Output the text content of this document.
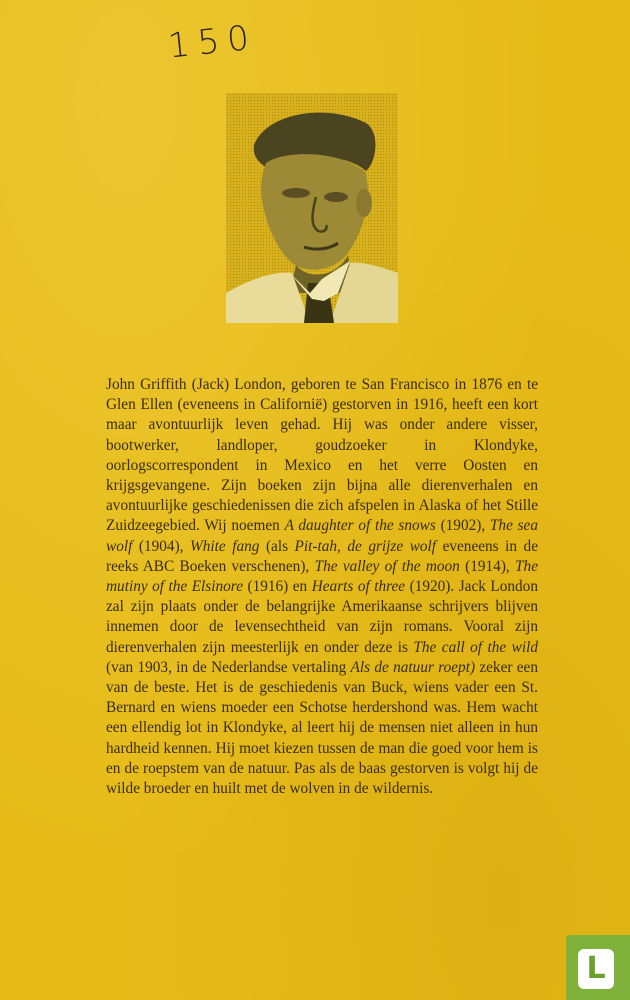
150

John Griffith (Jack) London, geboren te San Francisco in 1876 en te Glen Ellen (eveneens in Californië) gestorven in 1916, heeft een kort maar avontuurlijk leven gehad. Hij was onder andere visser, bootwerker, landloper, goudzoeker in Klondyke, oorlogscorrespondent in Mexico en het verre Oosten en krijgsgevangene. Zijn boeken zijn bijna alle dierenverhalen en avontuurlijke geschiedenissen die zich afspelen in Alaska of het Stille Zuidzeegebied. Wij noemen A daughter of the snows (1902), The sea wolf (1904), White fang (als Pit-tah, de grijze wolf eveneens in de reeks ABC Boeken verschenen), The valley of the moon (1914), The mutiny of the Elsinore (1916) en Hearts of three (1920). Jack London zal zijn plaats onder de belangrijke Amerikaanse schrijvers blijven innemen door de levensechtheid van zijn romans. Vooral zijn dierenverhalen zijn meesterlijk en onder deze is The call of the wild (van 1903, in de Nederlandse vertaling Als de natuur roept) zeker een van de beste. Het is de geschiedenis van Buck, wiens vader een St. Bernard en wiens moeder een Schotse herdershond was. Hem wacht een ellendig lot in Klondyke, al leert hij de mensen niet alleen in hun hardheid kennen. Hij moet kiezen tussen de man die goed voor hem is en de roepstem van de natuur. Pas als de baas gestorven is volgt hij de wilde broeder en huilt met de wolven in de wildernis.

L
